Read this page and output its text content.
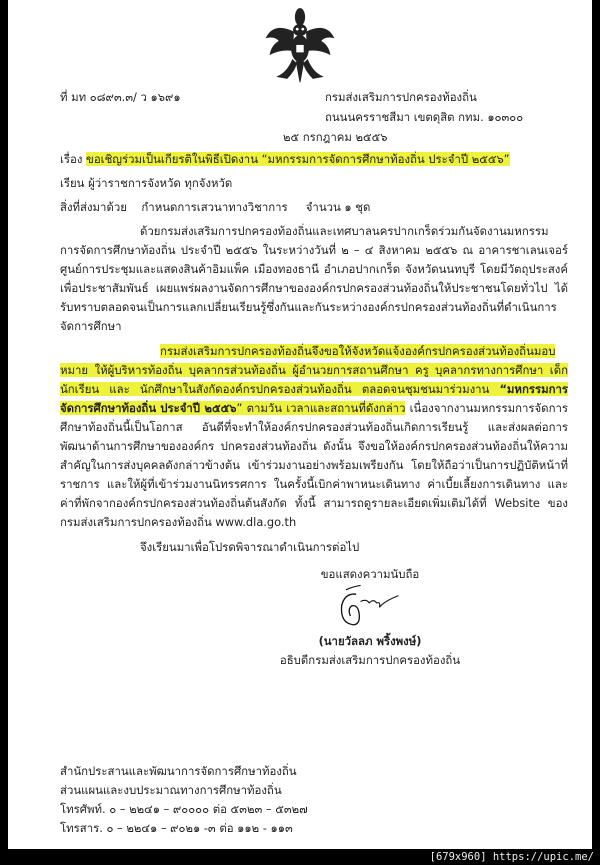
ที่ มท ๐๘๙๓.๓/ ว ๑๖๙๑	กรมส่งเสริมการปกครองท้องถิ่น
ถนนนครราชสีมา เขตดุสิต กทม. ๑๐๓๐๐
๒๕ กรกฎาคม ๒๕๕๖
เรื่อง ขอเชิญร่วมเป็นเกียรติในพิธีเปิดงาน “มหกรรมการจัดการศึกษาท้องถิ่น ประจำปี ๒๕๕๖”
เรียน ผู้ว่าราชการจังหวัด ทุกจังหวัด
สิ่งที่ส่งมาด้วย กำหนดการเสวนาทางวิชาการ จำนวน ๑ ชุด
ด้วยกรมส่งเสริมการปกครองท้องถิ่นและเทศบาลนครปากเกร็ดร่วมกันจัดงานมหกรรม การจัดการศึกษาท้องถิ่น ประจำปี ๒๕๕๖ ในระหว่างวันที่ ๒ – ๔ สิงหาคม ๒๕๕๖ ณ อาคารชาเลนเจอร์ ศูนย์การประชุมและแสดงสินค้าอิมแพ็ค เมืองทองธานี อำเภอปากเกร็ด จังหวัดนนทบุรี โดยมีวัตถุประสงค์ เพื่อประชาสัมพันธ์ เผยแพร่ผลงานจัดการศึกษาขององค์กรปกครองส่วนท้องถิ่นให้ประชาชนโดยทั่วไป ได้รับทราบตลอดจนเป็นการแลกเปลี่ยนเรียนรู้ซึ่งกันและกันระหว่างองค์กรปกครองส่วนท้องถิ่นที่ดำเนินการ จัดการศึกษา
กรมส่งเสริมการปกครองท้องถิ่นจึงขอให้จังหวัดแจ้งองค์กรปกครองส่วนท้องถิ่นมอบหมาย ให้ผู้บริหารท้องถิ่น บุคลากรส่วนท้องถิ่น ผู้อำนวยการสถานศึกษา ครู บุคลากรทางการศึกษา เด็กนักเรียน และ นักศึกษาในสังกัดองค์กรปกครองส่วนท้องถิ่น ตลอดจนชุมชนมาร่วมงาน “มหกรรมการจัดการศึกษาท้องถิ่น ประจำปี ๒๕๕๖” ตามวัน เวลาและสถานที่ดังกล่าว เนื่องจากงานมหกรรมการจัดการศึกษาท้องถิ่นนี้เป็นโอกาส อันดีที่จะทำให้องค์กรปกครองส่วนท้องถิ่นเกิดการเรียนรู้ และส่งผลต่อการพัฒนาด้านการศึกษาขององค์กร ปกครองส่วนท้องถิ่น ดังนั้น จึงขอให้องค์กรปกครองส่วนท้องถิ่นให้ความสำคัญในการส่งบุคคลดังกล่าวข้างต้น เข้าร่วมงานอย่างพร้อมเพรียงกัน โดยให้ถือว่าเป็นการปฏิบัติหน้าที่ราชการ และให้ผู้ที่เข้าร่วมงานนิทรรศการ ในครั้งนี้เบิกค่าพาหนะเดินทาง ค่าเบี้ยเลี้ยงการเดินทาง และค่าที่พักจากองค์กรปกครองส่วนท้องถิ่นต้นสังกัด ทั้งนี้ สามารถดูรายละเอียดเพิ่มเติมได้ที่ Website ของกรมส่งเสริมการปกครองท้องถิ่น www.dla.go.th
จึงเรียนมาเพื่อโปรดพิจารณาดำเนินการต่อไป
ขอแสดงความนับถือ
(นายวัลลภ พริ้งพงษ์)
อธิบดีกรมส่งเสริมการปกครองท้องถิ่น
สำนักประสานและพัฒนาการจัดการศึกษาท้องถิ่น
ส่วนแผนและงบประมาณทางการศึกษาท้องถิ่น
โทรศัพท์. ๐ – ๒๒๔๑ – ๙๐๐๐๐ ต่อ ๕๓๒๓ – ๕๓๒๗
โทรสาร. ๐ – ๒๒๔๑ – ๙๐๒๑ -๓ ต่อ ๑๑๒ - ๑๑๓
[679x960] https://upic.me/
